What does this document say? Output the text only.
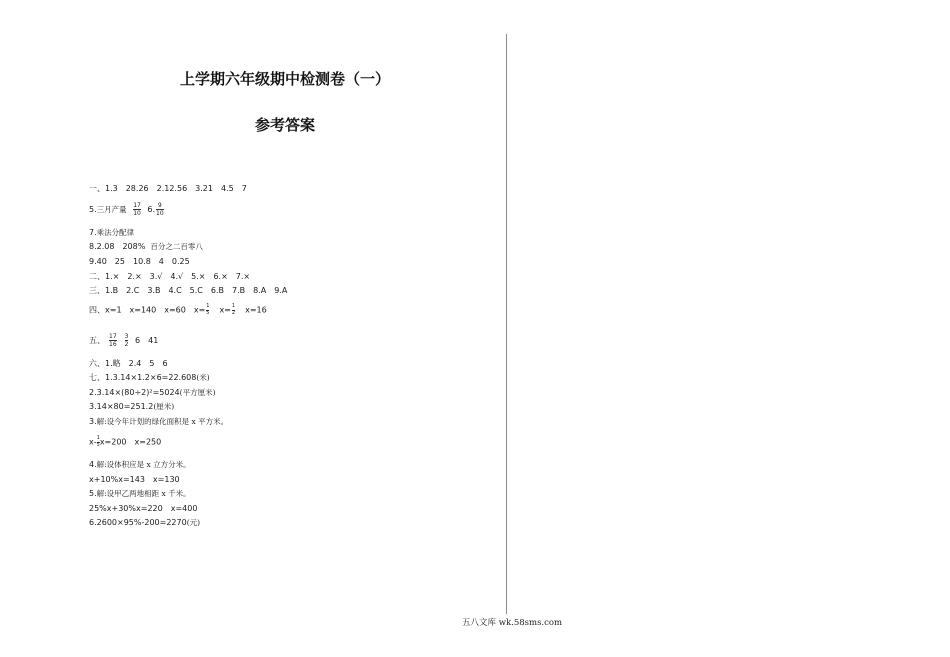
上学期六年级期中检测卷（一）
参考答案
一、1.3　28.26　2.12.56　3.21　4.5　7
5.三月产量 $\frac{17}{10} 6$. $\frac{9}{10}$
7.乘法分配律
8.2.08　208% 百分之二百零八
9.40　25　10.8　4　0.25
二、1.×　2.×　3.√　4.√　5.×　6.×　7.×
三、1.B　2.C　3.B　4.C　5.C　6.B　7.B　8.A　9.A
四、x=1　x=140　x=60　$x= \frac{1}{5} x= \frac{1}{2} x=16$
五、 $\frac{17}{16} \frac{3}{2} 6$　41
六、1.略　2.4　5　6
七、1.3.14×1.2×6=22.608(米)
2.3.14×(80÷2)²=5024(平方厘米)
3.14×80=251.2(厘米)
3.解:设今年计划的绿化面积是 x 平方米。
$x- \frac{1}{5} x=200$　x=250
4.解:设体积应是 x 立方分米。
x+10%x=143　x=130
5.解:设甲乙两地相距 x 千米。
25%x+30%x=220　x=400
6.2600×95%-200=2270(元)
五八文库 wk.58sms.com
